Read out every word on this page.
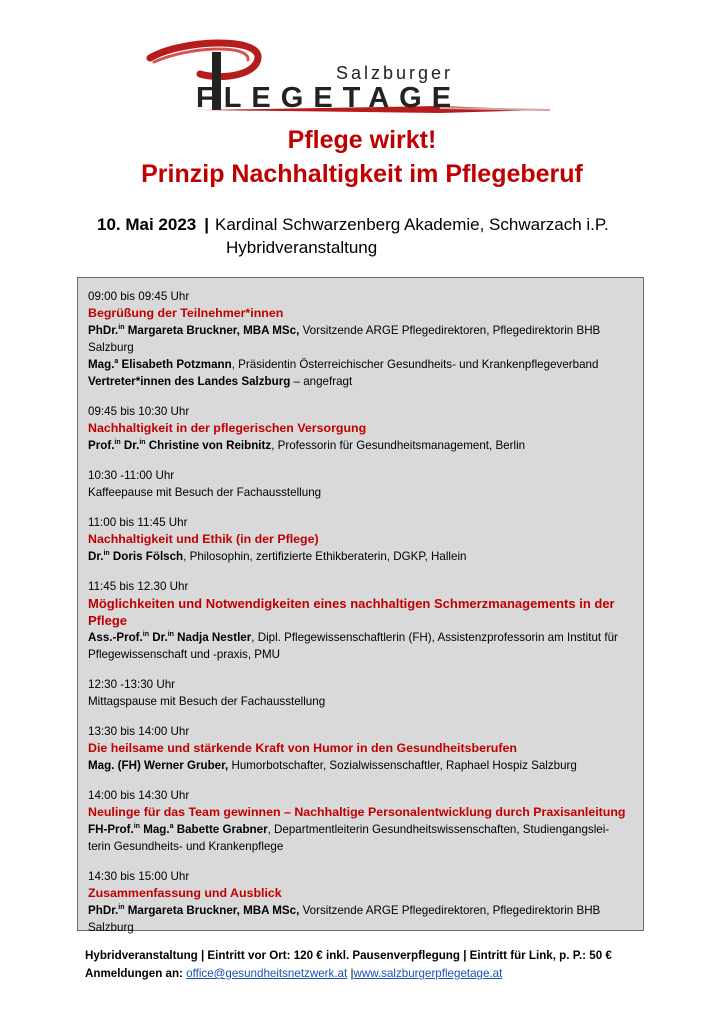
Salzburger
FLEGETAGE
Pflege wirkt!
Prinzip Nachhaltigkeit im Pflegeberuf
10. Mai 2023 | Kardinal Schwarzenberg Akademie, Schwarzach i.P.
Hybridveranstaltung
09:00 bis 09:45 Uhr
Begrüßung der Teilnehmer*innen
PhDr.$^{in}$ Margareta Bruckner, MBA MSc, Vorsitzende ARGE Pflegedirektoren, Pflegedirektorin BHB
Salzburg
Mag.$^a$ Elisabeth Potzmann, Präsidentin Österreichischer Gesundheits- und Krankenpflegeverband
Vertreter*innen des Landes Salzburg – angefragt
09:45 bis 10:30 Uhr
Nachhaltigkeit in der pflegerischen Versorgung
Prof.$^{in}$ Dr.$^{in}$ Christine von Reibnitz, Professorin für Gesundheitsmanagement, Berlin
10:30 -11:00 Uhr
Kaffeepause mit Besuch der Fachausstellung
11:00 bis 11:45 Uhr
Nachhaltigkeit und Ethik (in der Pflege)
Dr.$^{in}$ Doris Fölsch, Philosophin, zertifizierte Ethikberaterin, DGKP, Hallein
11:45 bis 12.30 Uhr
Möglichkeiten und Notwendigkeiten eines nachhaltigen Schmerzmanagements in der Pflege
Ass.-Prof.$^{in}$ Dr.$^{in}$ Nadja Nestler, Dipl. Pflegewissenschaftlerin (FH), Assistenzprofessorin am Institut für
Pflegewissenschaft und -praxis, PMU
12:30 -13:30 Uhr
Mittagspause mit Besuch der Fachausstellung
13:30 bis 14:00 Uhr
Die heilsame und stärkende Kraft von Humor in den Gesundheitsberufen
Mag. (FH) Werner Gruber, Humorbotschafter, Sozialwissenschaftler, Raphael Hospiz Salzburg
14:00 bis 14:30 Uhr
Neulinge für das Team gewinnen – Nachhaltige Personalentwicklung durch Praxisanleitung
FH-Prof.$^{in}$ Mag.$^a$ Babette Grabner, Departmentleiterin Gesundheitswissenschaften, Studiengangslei-
terin Gesundheits- und Krankenpflege
14:30 bis 15:00 Uhr
Zusammenfassung und Ausblick
PhDr.$^{in}$ Margareta Bruckner, MBA MSc, Vorsitzende ARGE Pflegedirektoren, Pflegedirektorin BHB
Salzburg
Hybridveranstaltung | Eintritt vor Ort: 120 € inkl. Pausenverpflegung | Eintritt für Link, p. P.: 50 €
Anmeldungen an: office@gesundheitsnetzwerk.at |www.salzburgerpflegetage.at
